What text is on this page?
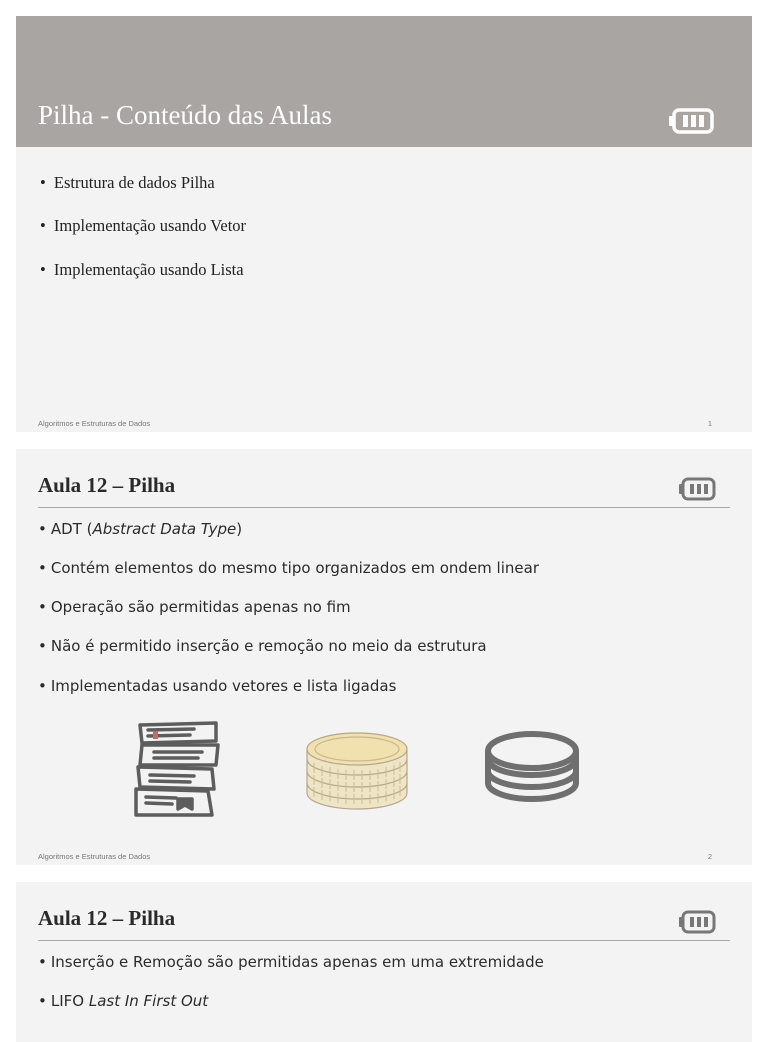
Pilha - Conteúdo das Aulas
• Estrutura de dados Pilha
• Implementação usando Vetor
• Implementação usando Lista
Algoritmos e Estruturas de Dados	1
Aula 12 – Pilha
• ADT (Abstract Data Type)
• Contém elementos do mesmo tipo organizados em ondem linear
• Operação são permitidas apenas no fim
• Não é permitido inserção e remoção no meio da estrutura
• Implementadas usando vetores e lista ligadas
Algoritmos e Estruturas de Dados	2
Aula 12 – Pilha
• Inserção e Remoção são permitidas apenas em uma extremidade
• LIFO Last In First Out
